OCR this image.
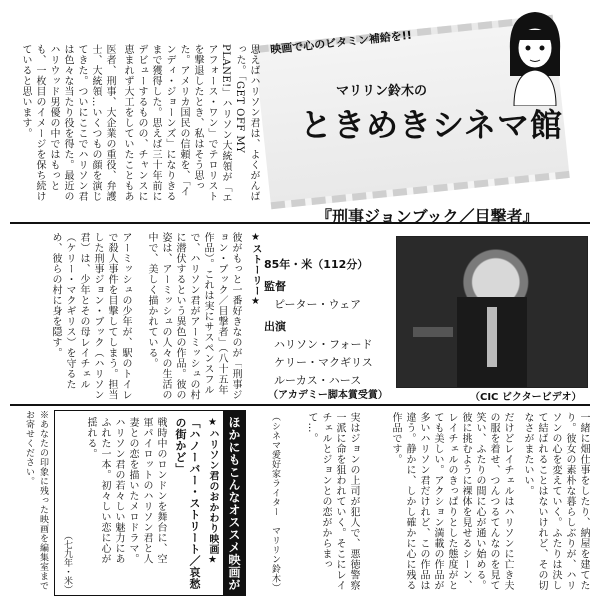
映画で心のビタミン補給を!!
マリリン鈴木の
ときめきシネマ館
思えばハリソン君は、よくがんばった。「GET OFF MY PLANE!」ハリソン大統領が「エアフォース・ワン」でテロリストを撃退したとき、私はそう思った。アメリカ国民の信頼を、「インディ・ジョーンズ」になりきるまで獲得した。思えば三十年前にデビューするものの、チャンスに恵まれず大工をしていたこともあ
医者、刑事、大企業の重役、弁護士、大統領…いくつもの顔を演じてきた。ついにここでハリソン君は色々な当たり役を得た。最近のハリウッド男優の中ではもっとも、一枚目のイメージを保ち続けていると思います。
『刑事ジョンブック／目撃者』
85年・米（112分）
監督
ピーター・ウェア
出演
ハリソン・フォード
ケリー・マクギリス
ルーカス・ハース
（アカデミー脚本賞受賞）	（CIC ビクタービデオ）
★ストーリー★
彼がもっと一番好きなのが「刑事ジョン・ブック／目撃者」（八十五年作品）。これは実にサスペンスフルで、ハリソン君がアーミッシュの村に潜伏するという異色の作品。彼の姿は、アーミッシュの人々の生活の中で、美しく描かれている。
アーミッシュの少年が、駅のトイレで殺人事件を目撃してしまう。担当した刑事ジョン・ブック（ハリソン君）は、少年とその母レイチェル（ケリー・マクギリス）を守るため、彼らの村に身を隠す。
一緒に畑仕事をしたり、納屋を建てたり。彼女の素朴な暮らしぶりが、ハリソンの心を変えていく。ふたりは決して結ばれることはないけれど、その切なさがまたいい。
だけどレイチェルはハリソンに亡き夫の服を着せ、つんつるてんなのを見て笑い、ふたりの間に心が通い始める。彼に挑むように裸体を見せるシーン、レイチェルのきっぱりとした態度がとても美しい。アクション満載の作品が多いハリソン君だけれど、この作品は違う。静かに、しかし確かに心に残る作品です。
実はジョンの上司が犯人で、悪徳警察一派に命を狙われていく。そこにレイチェルとジョンとの恋がからまって…。
（シネマ愛好家ライター　マリリン鈴木）
ほかにもこんなオススメ映画が
★ハリソン君のおかわり映画★
「ハノーバー・ストリート／哀愁の街かど」
戦時中のロンドンを舞台に、空軍パイロットのハリソン君と人妻との恋を描いたメロドラマ。ハリソン君の若々しい魅力にあふれた一本。初々しい恋に心が揺れる。
（七九年・米）
※あなたの印象に残った映画を編集室までお寄せください。
